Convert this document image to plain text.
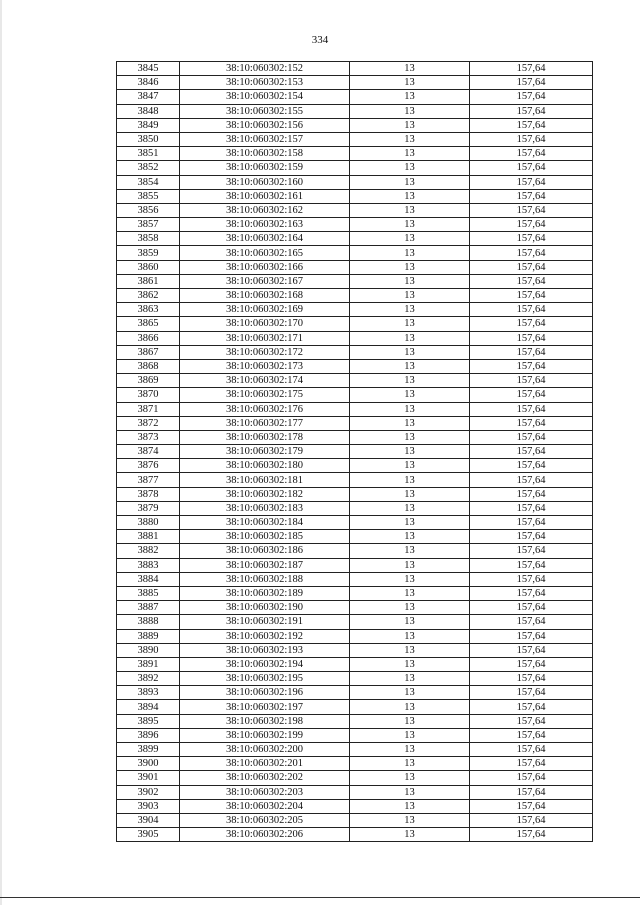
334
3845	38:10:060302:152	13	157,64
3846	38:10:060302:153	13	157,64
3847	38:10:060302:154	13	157,64
3848	38:10:060302:155	13	157,64
3849	38:10:060302:156	13	157,64
3850	38:10:060302:157	13	157,64
3851	38:10:060302:158	13	157,64
3852	38:10:060302:159	13	157,64
3854	38:10:060302:160	13	157,64
3855	38:10:060302:161	13	157,64
3856	38:10:060302:162	13	157,64
3857	38:10:060302:163	13	157,64
3858	38:10:060302:164	13	157,64
3859	38:10:060302:165	13	157,64
3860	38:10:060302:166	13	157,64
3861	38:10:060302:167	13	157,64
3862	38:10:060302:168	13	157,64
3863	38:10:060302:169	13	157,64
3865	38:10:060302:170	13	157,64
3866	38:10:060302:171	13	157,64
3867	38:10:060302:172	13	157,64
3868	38:10:060302:173	13	157,64
3869	38:10:060302:174	13	157,64
3870	38:10:060302:175	13	157,64
3871	38:10:060302:176	13	157,64
3872	38:10:060302:177	13	157,64
3873	38:10:060302:178	13	157,64
3874	38:10:060302:179	13	157,64
3876	38:10:060302:180	13	157,64
3877	38:10:060302:181	13	157,64
3878	38:10:060302:182	13	157,64
3879	38:10:060302:183	13	157,64
3880	38:10:060302:184	13	157,64
3881	38:10:060302:185	13	157,64
3882	38:10:060302:186	13	157,64
3883	38:10:060302:187	13	157,64
3884	38:10:060302:188	13	157,64
3885	38:10:060302:189	13	157,64
3887	38:10:060302:190	13	157,64
3888	38:10:060302:191	13	157,64
3889	38:10:060302:192	13	157,64
3890	38:10:060302:193	13	157,64
3891	38:10:060302:194	13	157,64
3892	38:10:060302:195	13	157,64
3893	38:10:060302:196	13	157,64
3894	38:10:060302:197	13	157,64
3895	38:10:060302:198	13	157,64
3896	38:10:060302:199	13	157,64
3899	38:10:060302:200	13	157,64
3900	38:10:060302:201	13	157,64
3901	38:10:060302:202	13	157,64
3902	38:10:060302:203	13	157,64
3903	38:10:060302:204	13	157,64
3904	38:10:060302:205	13	157,64
3905	38:10:060302:206	13	157,64
